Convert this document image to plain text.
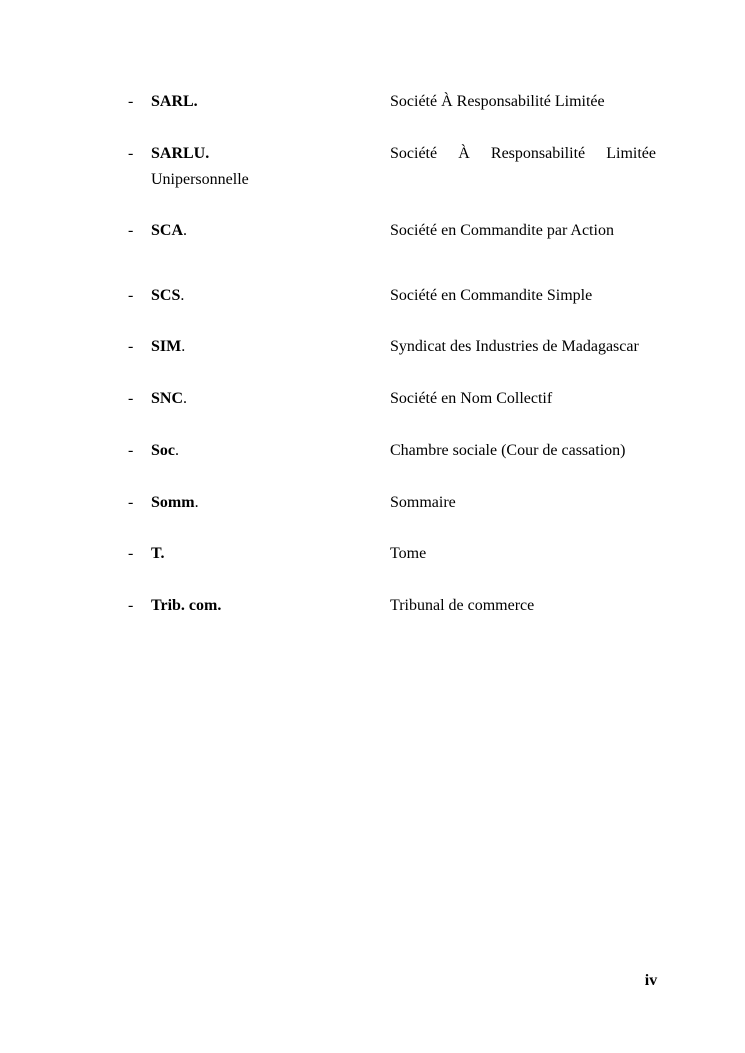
- SARL.	Société À Responsabilité Limitée
- SARLU.	Société À Responsabilité Limitée
Unipersonnelle
- SCA.	Société en Commandite par Action
- SCS.	Société en Commandite Simple
- SIM.	Syndicat des Industries de Madagascar
- SNC.	Société en Nom Collectif
- Soc.	Chambre sociale (Cour de cassation)
- Somm.	Sommaire
- T.	Tome
- Trib. com.	Tribunal de commerce
iv
